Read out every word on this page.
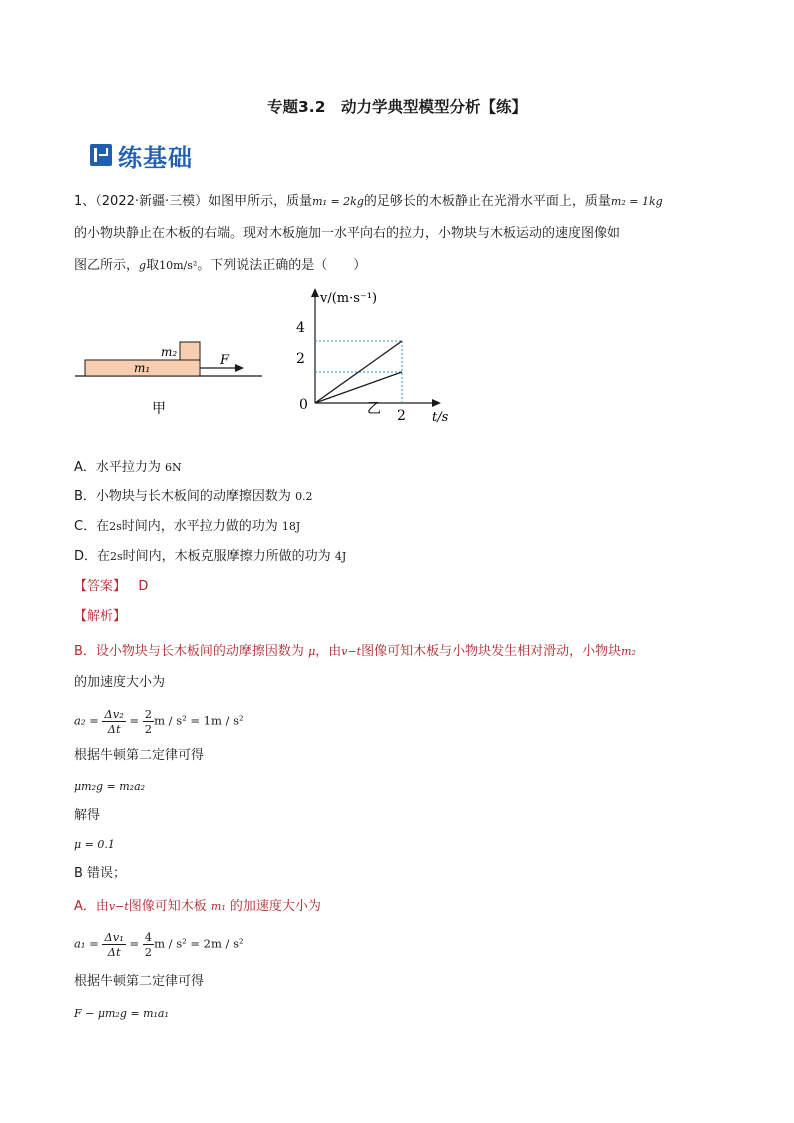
专题3.2　动力学典型模型分析【练】
练基础
1、（2022·新疆·三模）如图甲所示，质量m₁ = 2kg的足够长的木板静止在光滑水平面上，质量m₂ = 1kg
的小物块静止在木板的右端。现对木板施加一水平向右的拉力，小物块与木板运动的速度图像如
图乙所示，g取10m/s²。下列说法正确的是（　　）
m₁
m₂
F
甲
v/(m·s⁻¹)
t/s
4
2
0
2
乙
A．水平拉力为 6N
B．小物块与长木板间的动摩擦因数为 0.2
C．在2s时间内，水平拉力做的功为 18J
D．在2s时间内，木板克服摩擦力所做的功为 4J
【答案】 D
【解析】
B．设小物块与长木板间的动摩擦因数为 μ，由v−t图像可知木板与小物块发生相对滑动，小物块m₂
的加速度大小为
$a_2 = \frac{\text{Δv₂}}{\Delta t} = \frac{2}{2}$ m / s² = 1m / s²
根据牛顿第二定律可得
μm₂g = m₂a₂
解得
μ = 0.1
B 错误；
A．由v−t图像可知木板 m₁ 的加速度大小为
$a_1 = \frac{\text{Δv₁}}{\Delta t} = \frac{4}{2}$ m / s² = 2m / s²
根据牛顿第二定律可得
F − μm₂g = m₁a₁
